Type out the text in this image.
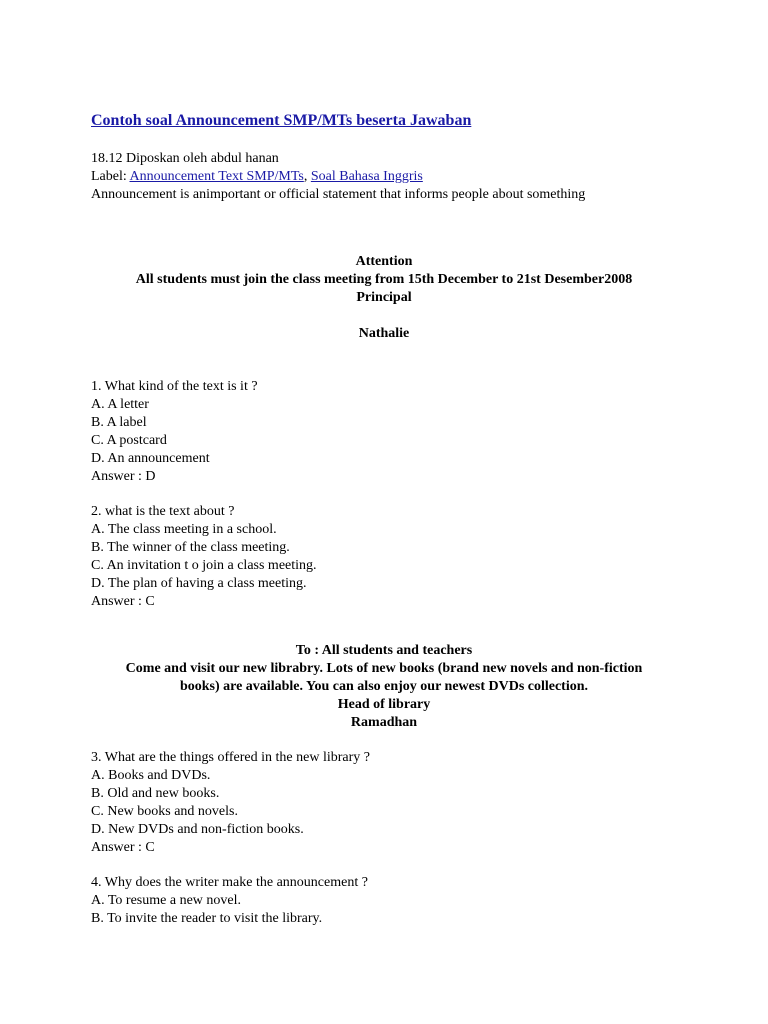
Contoh soal Announcement SMP/MTs beserta Jawaban
18.12 Diposkan oleh abdul hanan
Label: Announcement Text SMP/MTs, Soal Bahasa Inggris
Announcement is animportant or official statement that informs people about something
Attention
All students must join the class meeting from 15th December to 21st Desember2008
Principal
Nathalie
1. What kind of the text is it ?
A. A letter
B. A label
C. A postcard
D. An announcement
Answer : D
2. what is the text about ?
A. The class meeting in a school.
B. The winner of the class meeting.
C. An invitation t o join a class meeting.
D. The plan of having a class meeting.
Answer : C
To : All students and teachers
Come and visit our new librabry. Lots of new books (brand new novels and non-fiction
books) are available. You can also enjoy our newest DVDs collection.
Head of library
Ramadhan
3. What are the things offered in the new library ?
A. Books and DVDs.
B. Old and new books.
C. New books and novels.
D. New DVDs and non-fiction books.
Answer : C
4. Why does the writer make the announcement ?
A. To resume a new novel.
B. To invite the reader to visit the library.
